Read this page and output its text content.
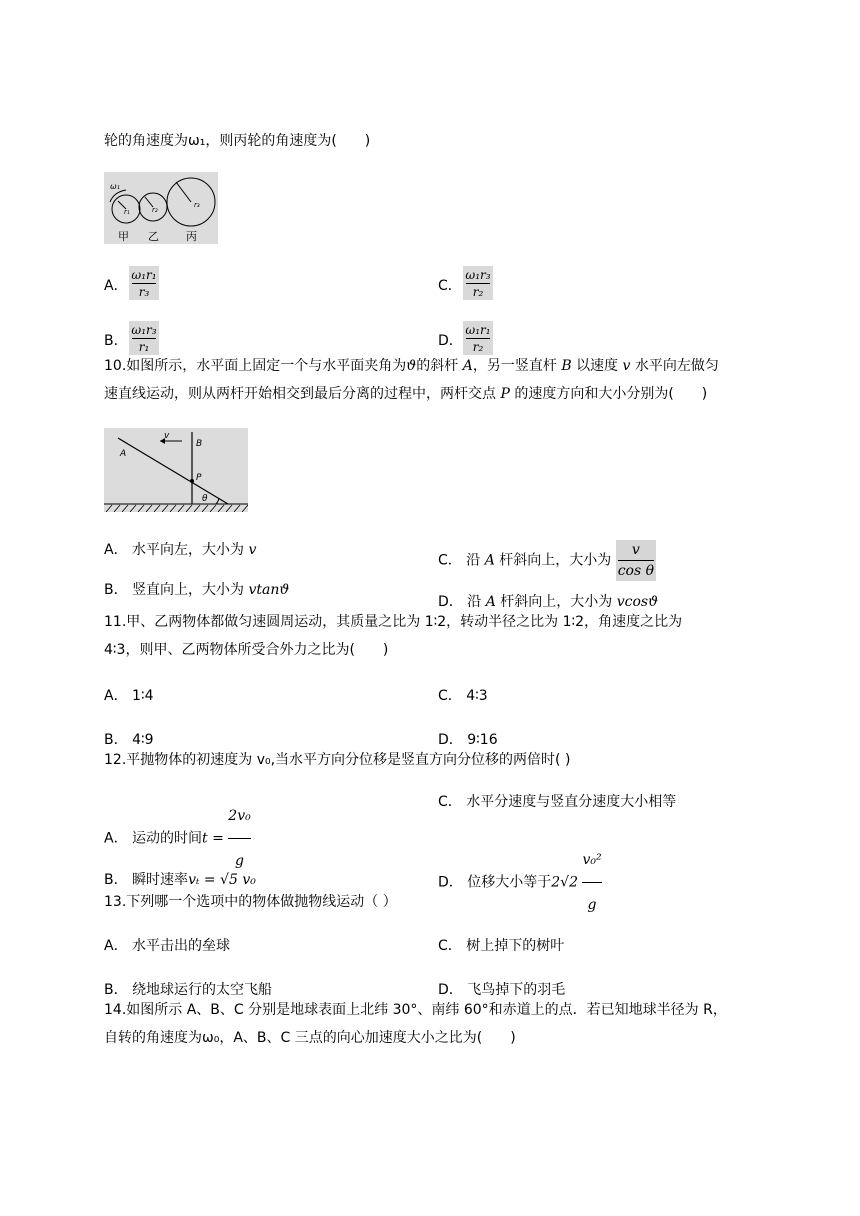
轮的角速度为ω₁，则丙轮的角速度为(　　)
ω₁
r₁	r₂
r₃
甲 乙 丙
A．
ω₁r₁
r₃	C．
ω₁r₃
r₂
B．
ω₁r₃
r₁	D．
ω₁r₁
r₂
10.如图所示，水平面上固定一个与水平面夹角为ϑ的斜杆 A，另一竖直杆 B 以速度 v 水平向左做匀
速直线运动，则从两杆开始相交到最后分离的过程中，两杆交点 P 的速度方向和大小分别为(　　)
v
B
A
P
θ
A． 水平向左，大小为 v
C． 沿 A 杆斜向上，大小为 $\frac{v}{\text{cos θ}}$
B． 竖直向上，大小为 vtanϑ
D． 沿 A 杆斜向上，大小为 vcosϑ
11.甲、乙两物体都做匀速圆周运动，其质量之比为 1∶2，转动半径之比为 1∶2，角速度之比为
4∶3，则甲、乙两物体所受合外力之比为(　　)
A． 1∶4	C． 4∶3
B． 4∶9	D． 9∶16
12.平抛物体的初速度为 v₀,当水平方向分位移是竖直方向分位移的两倍时( )
C． 水平分速度与竖直分速度大小相等
A． 运动的时间$t = \frac{\text{2v₀}}{g}$	D． 位移大小等于$2√2 \frac{\text{v₀²}}{g}$
B． 瞬时速率vₜ = √5 v₀
13.下列哪一个选项中的物体做抛物线运动（ ）
A． 水平击出的垒球	C． 树上掉下的树叶
B． 绕地球运行的太空飞船	D． 飞鸟掉下的羽毛
14.如图所示 A、B、C 分别是地球表面上北纬 30°、南纬 60°和赤道上的点．若已知地球半径为 R，
自转的角速度为ω₀，A、B、C 三点的向心加速度大小之比为(　　)
